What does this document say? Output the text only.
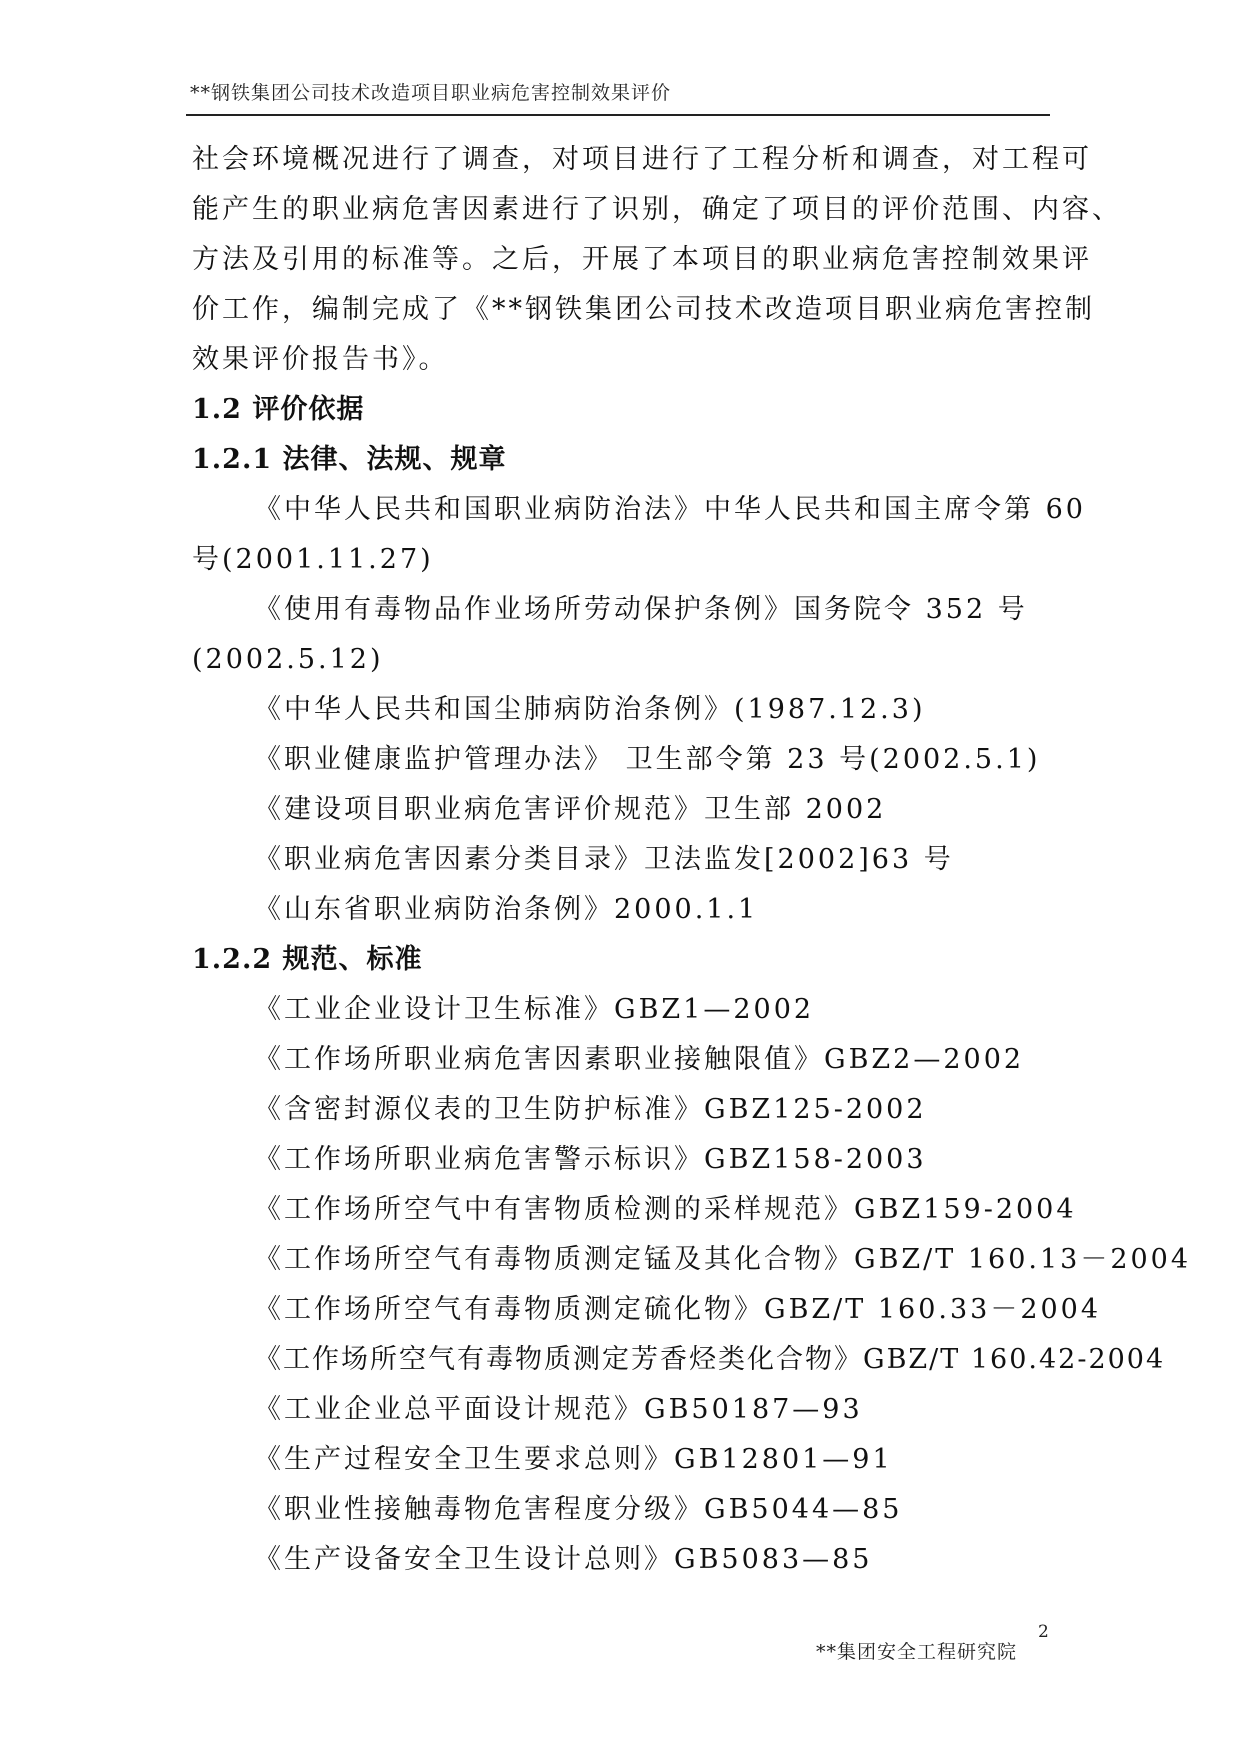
**钢铁集团公司技术改造项目职业病危害控制效果评价
社会环境概况进行了调查，对项目进行了工程分析和调查，对工程可
能产生的职业病危害因素进行了识别，确定了项目的评价范围、内容、
方法及引用的标准等。之后，开展了本项目的职业病危害控制效果评
价工作，编制完成了《**钢铁集团公司技术改造项目职业病危害控制
效果评价报告书》。
1.2 评价依据
1.2.1 法律、法规、规章
《中华人民共和国职业病防治法》中华人民共和国主席令第 60
号(2001.11.27)
《使用有毒物品作业场所劳动保护条例》国务院令 352 号
(2002.5.12)
《中华人民共和国尘肺病防治条例》(1987.12.3)
《职业健康监护管理办法》 卫生部令第 23 号(2002.5.1)
《建设项目职业病危害评价规范》卫生部 2002
《职业病危害因素分类目录》卫法监发[2002]63 号
《山东省职业病防治条例》2000.1.1
1.2.2 规范、标准
《工业企业设计卫生标准》GBZ1—2002
《工作场所职业病危害因素职业接触限值》GBZ2—2002
《含密封源仪表的卫生防护标准》GBZ125-2002
《工作场所职业病危害警示标识》GBZ158-2003
《工作场所空气中有害物质检测的采样规范》GBZ159-2004
《工作场所空气有毒物质测定锰及其化合物》GBZ/T 160.13－2004
《工作场所空气有毒物质测定硫化物》GBZ/T 160.33－2004
《工作场所空气有毒物质测定芳香烃类化合物》GBZ/T 160.42-2004
《工业企业总平面设计规范》GB50187—93
《生产过程安全卫生要求总则》GB12801—91
《职业性接触毒物危害程度分级》GB5044—85
《生产设备安全卫生设计总则》GB5083—85
**集团安全工程研究院
2
